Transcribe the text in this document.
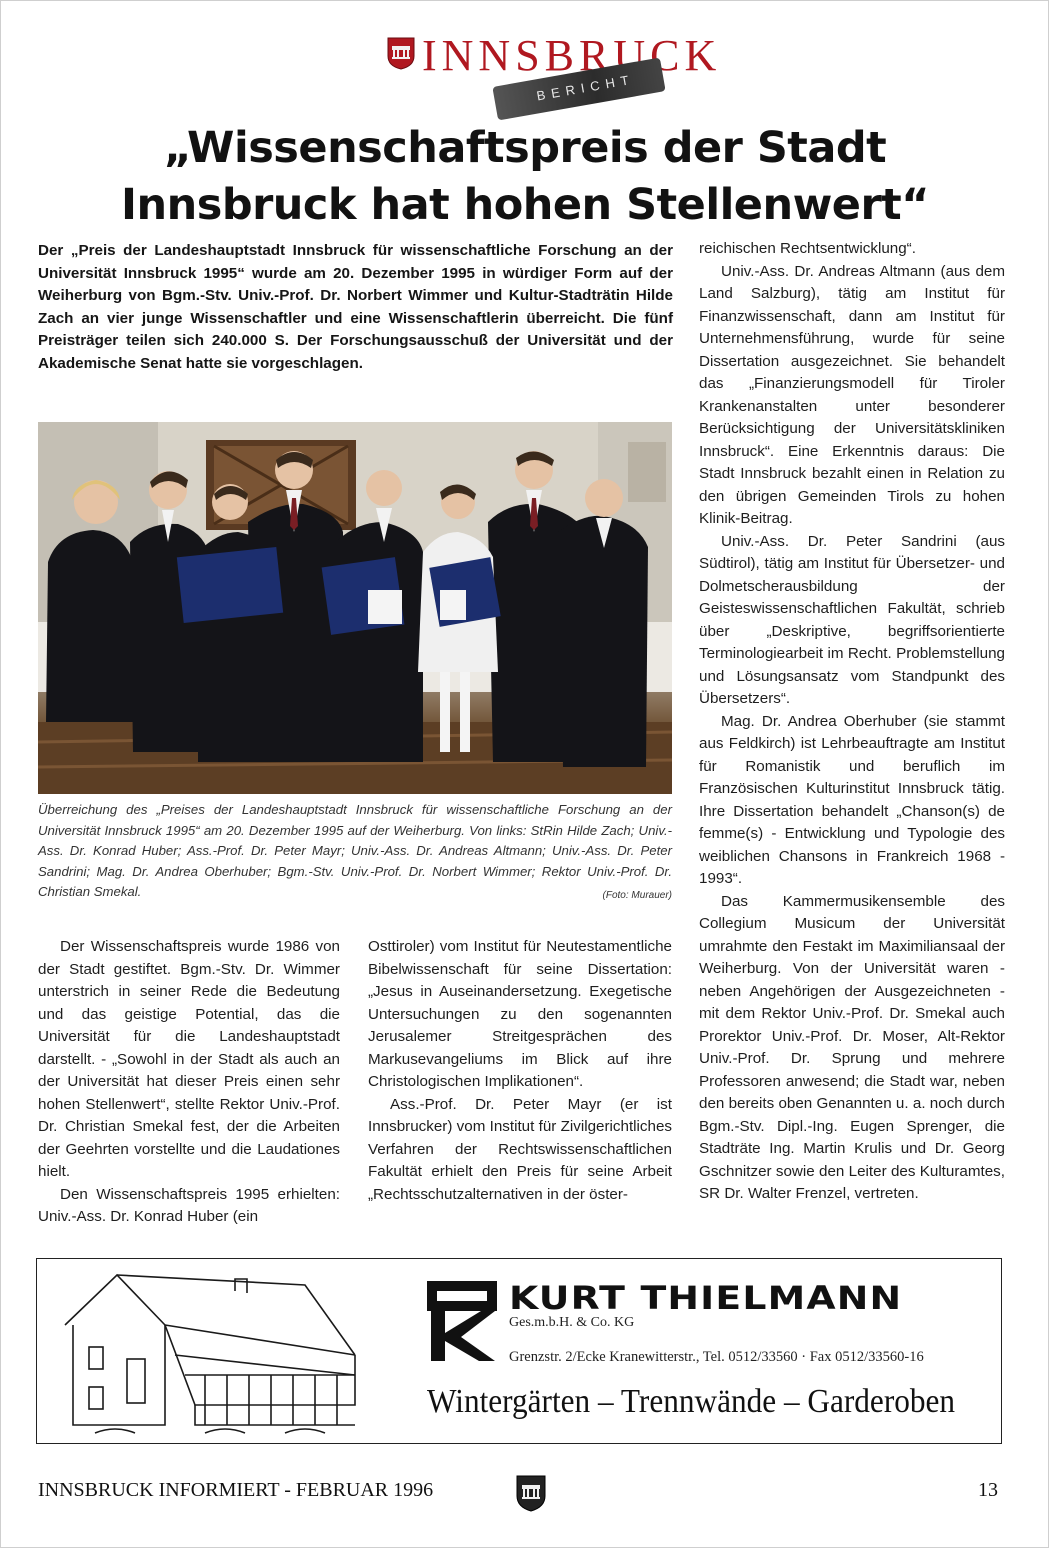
INNSBRUCK
BERICHT
„Wissenschaftspreis der Stadt
Innsbruck hat hohen Stellenwert“
Der „Preis der Landeshauptstadt Innsbruck für wissenschaftliche Forschung an der Universität Innsbruck 1995“ wurde am 20. Dezember 1995 in würdiger Form auf der Weiherburg von Bgm.-Stv. Univ.-Prof. Dr. Norbert Wimmer und Kultur-Stadträtin Hilde Zach an vier junge Wissenschaftler und eine Wissenschaftlerin überreicht. Die fünf Preisträger teilen sich 240.000 S. Der Forschungsausschuß der Universität und der Akademische Senat hatte sie vorgeschlagen.
Überreichung des „Preises der Landeshauptstadt Innsbruck für wissenschaftliche Forschung an der Universität Innsbruck 1995“ am 20. Dezember 1995 auf der Weiherburg. Von links: StRin Hilde Zach; Univ.-Ass. Dr. Konrad Huber; Ass.-Prof. Dr. Peter Mayr; Univ.-Ass. Dr. Andreas Altmann; Univ.-Ass. Dr. Peter Sandrini; Mag. Dr. Andrea Oberhuber; Bgm.-Stv. Univ.-Prof. Dr. Norbert Wimmer; Rektor Univ.-Prof. Dr. Christian Smekal.	(Foto: Murauer)

Der Wissenschaftspreis wurde 1986 von der Stadt gestiftet. Bgm.-Stv. Dr. Wimmer unterstrich in seiner Rede die Bedeutung und das geistige Potential, das die Universität für die Landeshauptstadt darstellt. - „Sowohl in der Stadt als auch an der Universität hat dieser Preis einen sehr hohen Stellenwert“, stellte Rektor Univ.-Prof. Dr. Christian Smekal fest, der die Arbeiten der Geehrten vorstellte und die Laudationes hielt.

Den Wissenschaftspreis 1995 erhielten: Univ.-Ass. Dr. Konrad Huber (ein

Osttiroler) vom Institut für Neutestamentliche Bibelwissenschaft für seine Dissertation: „Jesus in Auseinandersetzung. Exegetische Untersuchungen zu den sogenannten Jerusalemer Streitgesprächen des Markusevangeliums im Blick auf ihre Christologischen Implikationen“.

Ass.-Prof. Dr. Peter Mayr (er ist Innsbrucker) vom Institut für Zivilgerichtliches Verfahren der Rechtswissenschaftlichen Fakultät erhielt den Preis für seine Arbeit „Rechtsschutzalternativen in der öster-

reichischen Rechtsentwicklung“.

Univ.-Ass. Dr. Andreas Altmann (aus dem Land Salzburg), tätig am Institut für Finanzwissenschaft, dann am Institut für Unternehmensführung, wurde für seine Dissertation ausgezeichnet. Sie behandelt das „Finanzierungsmodell für Tiroler Krankenanstalten unter besonderer Berücksichtigung der Universitätskliniken Innsbruck“. Eine Erkenntnis daraus: Die Stadt Innsbruck bezahlt einen in Relation zu den übrigen Gemeinden Tirols zu hohen Klinik-Beitrag.

Univ.-Ass. Dr. Peter Sandrini (aus Südtirol), tätig am Institut für Übersetzer- und Dolmetscherausbildung der Geisteswissenschaftlichen Fakultät, schrieb über „Deskriptive, begriffsorientierte Terminologiearbeit im Recht. Problemstellung und Lösungsansatz vom Standpunkt des Übersetzers“.

Mag. Dr. Andrea Oberhuber (sie stammt aus Feldkirch) ist Lehrbeauftragte am Institut für Romanistik und beruflich im Französischen Kulturinstitut Innsbruck tätig. Ihre Dissertation behandelt „Chanson(s) de femme(s) - Entwicklung und Typologie des weiblichen Chansons in Frankreich 1968 - 1993“.

Das Kammermusikensemble des Collegium Musicum der Universität umrahmte den Festakt im Maximiliansaal der Weiherburg. Von der Universität waren - neben Angehörigen der Ausgezeichneten - mit dem Rektor Univ.-Prof. Dr. Smekal auch Prorektor Univ.-Prof. Dr. Moser, Alt-Rektor Univ.-Prof. Dr. Sprung und mehrere Professoren anwesend; die Stadt war, neben den bereits oben Genannten u. a. noch durch Bgm.-Stv. Dipl.-Ing. Eugen Sprenger, die Stadträte Ing. Martin Krulis und Dr. Georg Gschnitzer sowie den Leiter des Kulturamtes, SR Dr. Walter Frenzel, vertreten.

KURT THIELMANN
Ges.m.b.H. & Co. KG
Grenzstr. 2/Ecke Kranewitterstr., Tel. 0512/33560 · Fax 0512/33560-16
Wintergärten – Trennwände – Garderoben
INNSBRUCK INFORMIERT - FEBRUAR 1996	13
